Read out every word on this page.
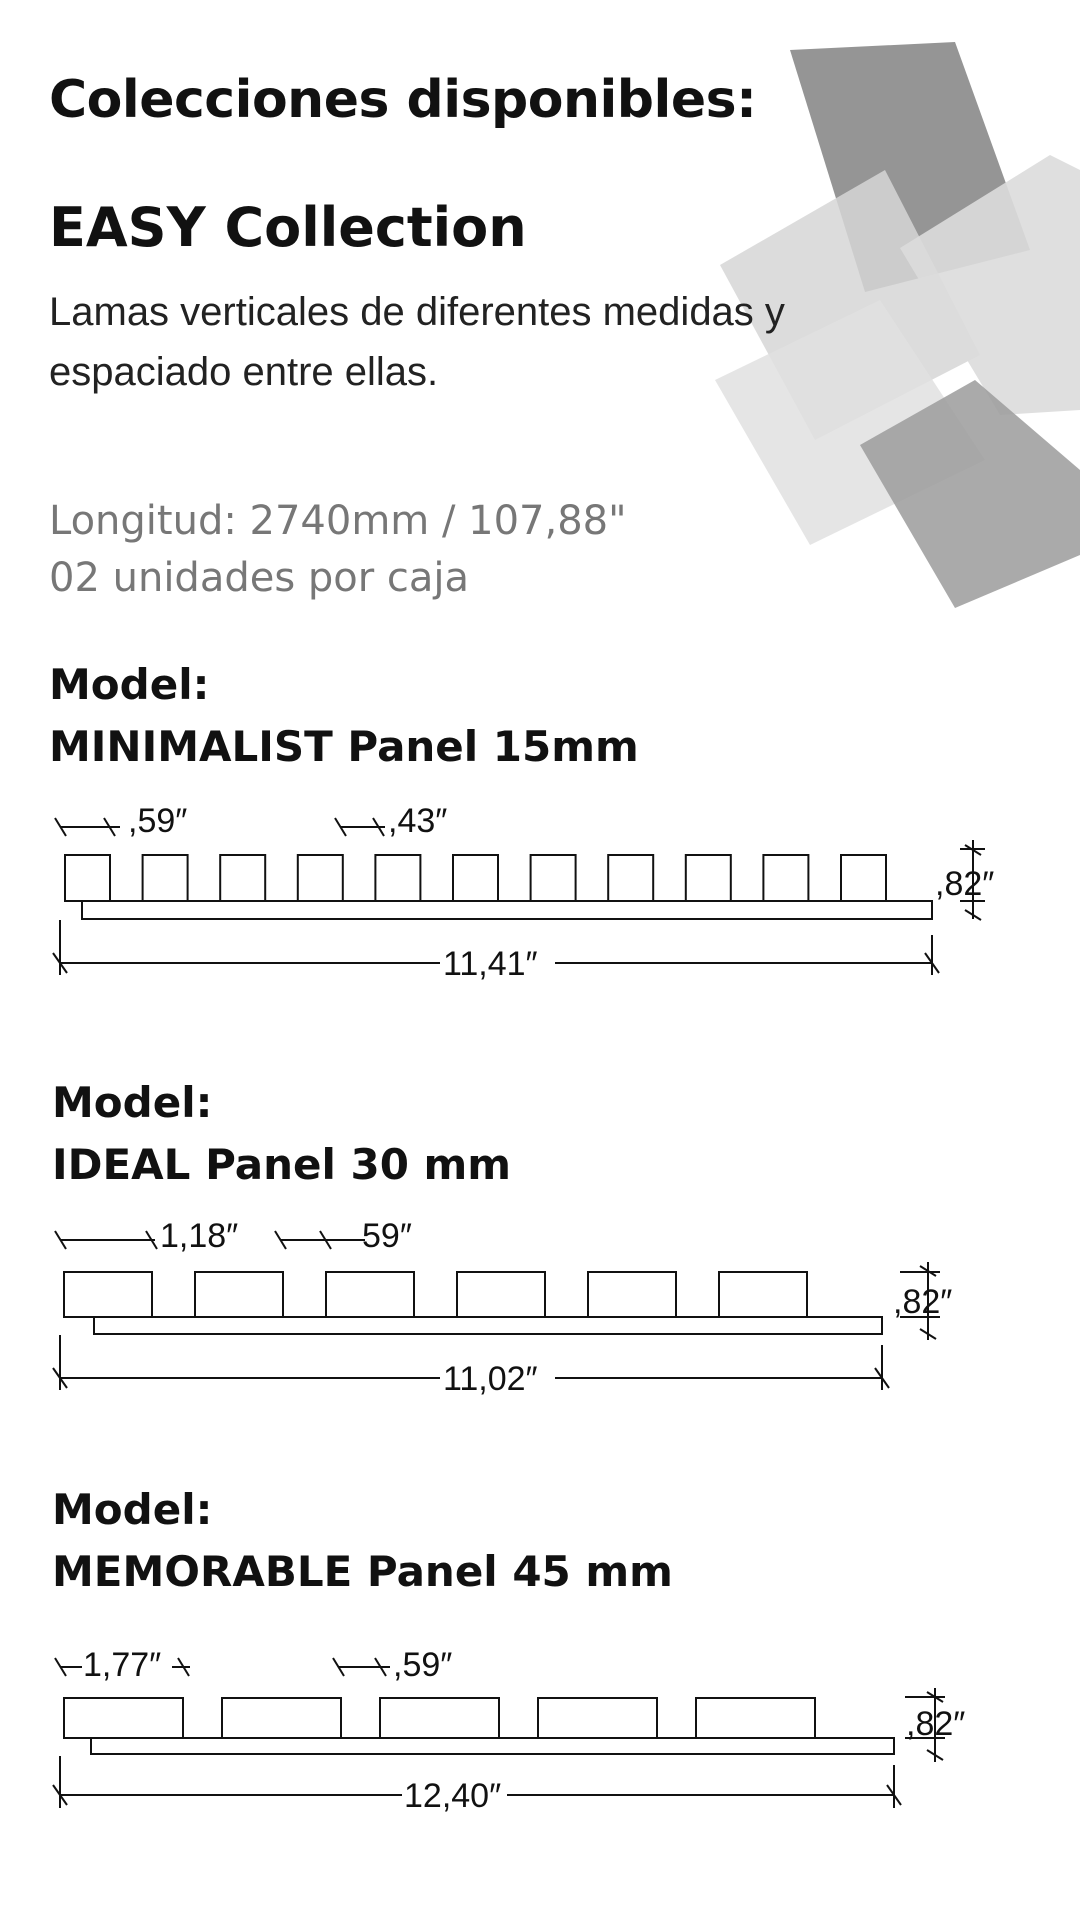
Colecciones disponibles:
EASY Collection

Lamas verticales de diferentes medidas y espaciado entre ellas.

Longitud: 2740mm / 107,88"

02 unidades por caja

Model:

MINIMALIST Panel 15mm

,59″	,43″
,82″
11,41″

Model:

IDEAL Panel 30 mm

1,18″	59″
,82″
11,02″

Model:

MEMORABLE Panel 45 mm

1,77″	,59″
,82″
12,40″
